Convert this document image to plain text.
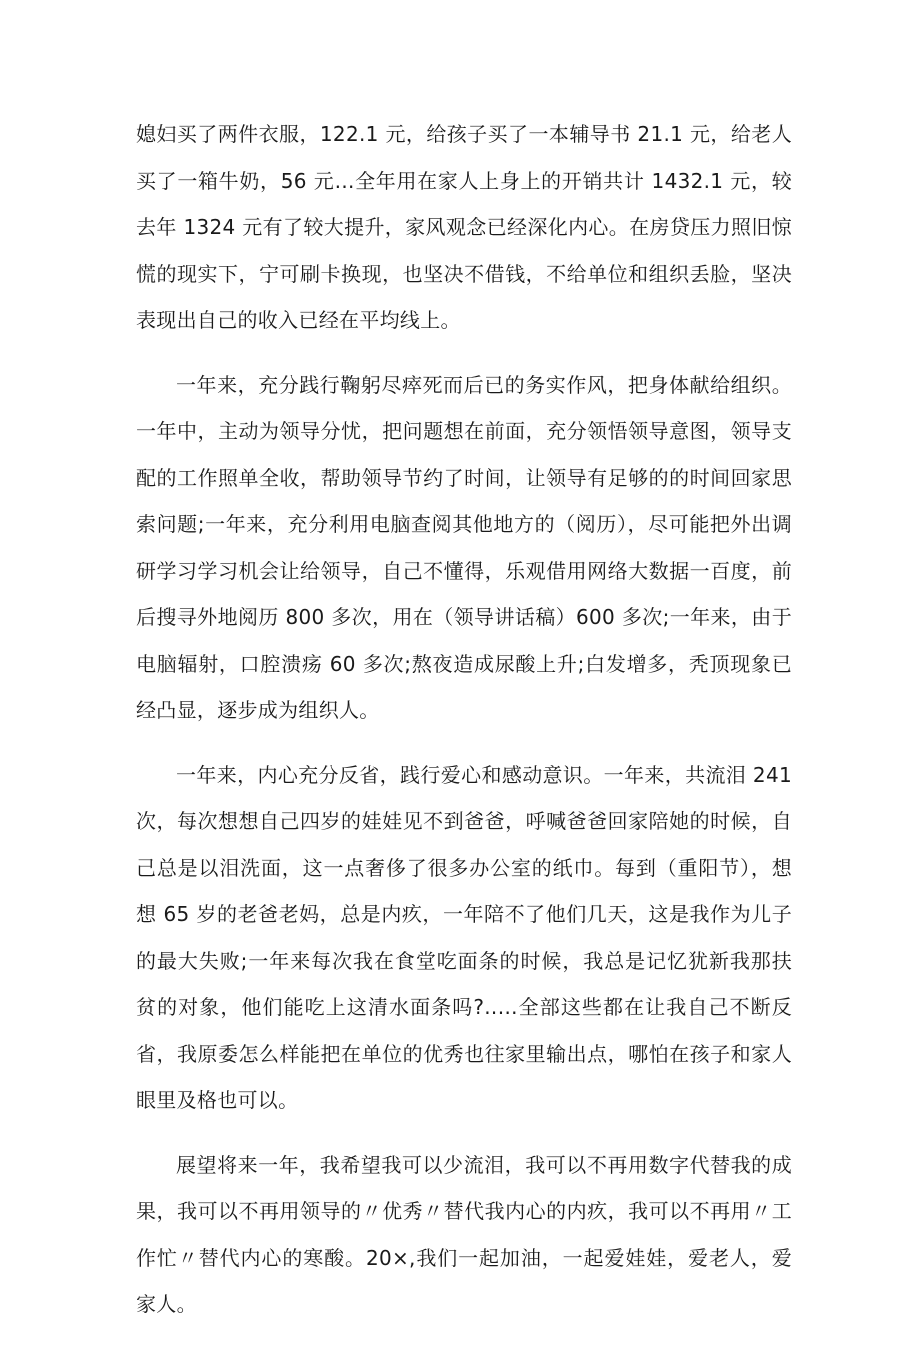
媳妇买了两件衣服，122.1 元，给孩子买了一本辅导书 21.1 元，给老人买了一箱牛奶，56 元…全年用在家人上身上的开销共计 1432.1 元，较去年 1324 元有了较大提升，家风观念已经深化内心。在房贷压力照旧惊慌的现实下，宁可刷卡换现，也坚决不借钱，不给单位和组织丢脸，坚决表现出自己的收入已经在平均线上。

一年来，充分践行鞠躬尽瘁死而后已的务实作风，把身体献给组织。一年中，主动为领导分忧，把问题想在前面，充分领悟领导意图，领导支配的工作照单全收，帮助领导节约了时间，让领导有足够的的时间回家思索问题;一年来，充分利用电脑查阅其他地方的（阅历），尽可能把外出调研学习学习机会让给领导，自己不懂得，乐观借用网络大数据一百度，前后搜寻外地阅历 800 多次，用在（领导讲话稿）600 多次;一年来，由于电脑辐射，口腔溃疡 60 多次;熬夜造成尿酸上升;白发增多，秃顶现象已经凸显，逐步成为组织人。

一年来，内心充分反省，践行爱心和感动意识。一年来，共流泪 241 次，每次想想自己四岁的娃娃见不到爸爸，呼喊爸爸回家陪她的时候，自己总是以泪洗面，这一点奢侈了很多办公室的纸巾。每到（重阳节），想想 65 岁的老爸老妈，总是内疚，一年陪不了他们几天，这是我作为儿子的最大失败;一年来每次我在食堂吃面条的时候，我总是记忆犹新我那扶贫的对象，他们能吃上这清水面条吗?..…全部这些都在让我自己不断反省，我原委怎么样能把在单位的优秀也往家里输出点，哪怕在孩子和家人眼里及格也可以。

展望将来一年，我希望我可以少流泪，我可以不再用数字代替我的成果，我可以不再用领导的〃优秀〃替代我内心的内疚，我可以不再用〃工作忙〃替代内心的寒酸。20×,我们一起加油，一起爱娃娃，爱老人，爱家人。
